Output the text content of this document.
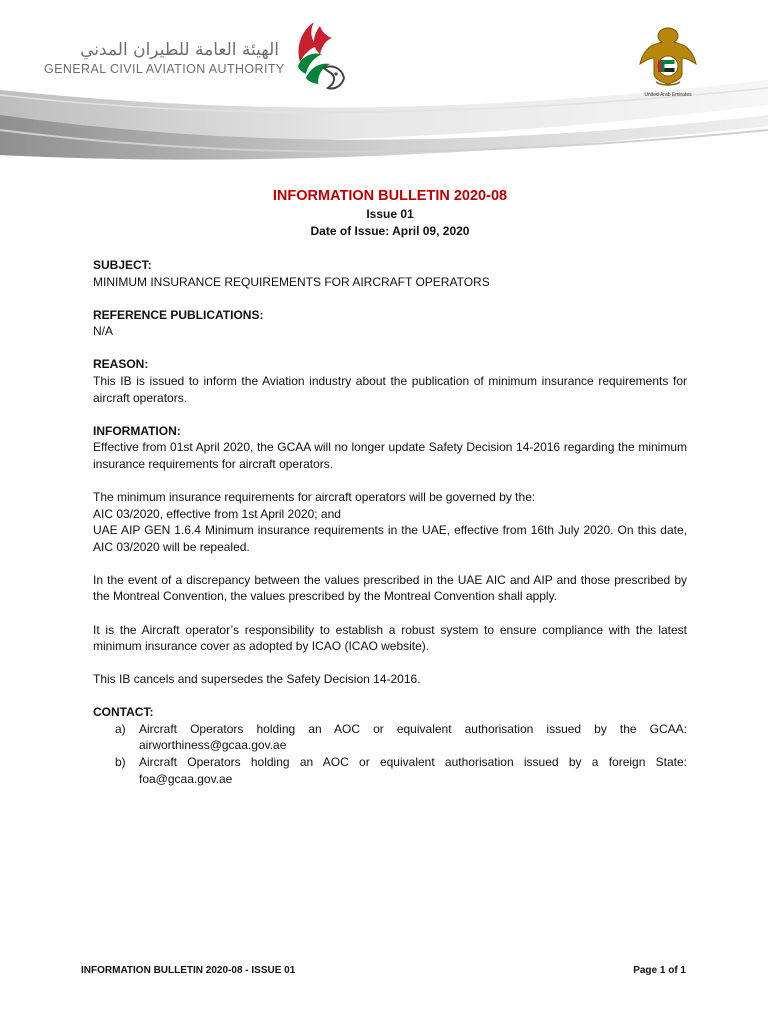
الهيئة العامة للطيران المدني
GENERAL CIVIL AVIATION AUTHORITY
United Arab Emirates
INFORMATION BULLETIN 2020-08
Issue 01
Date of Issue: April 09, 2020
SUBJECT:
MINIMUM INSURANCE REQUIREMENTS FOR AIRCRAFT OPERATORS
REFERENCE PUBLICATIONS:
N/A
REASON:
This IB is issued to inform the Aviation industry about the publication of minimum insurance requirements for aircraft operators.
INFORMATION:
Effective from 01st April 2020, the GCAA will no longer update Safety Decision 14-2016 regarding the minimum insurance requirements for aircraft operators.
The minimum insurance requirements for aircraft operators will be governed by the:
AIC 03/2020, effective from 1st April 2020; and
UAE AIP GEN 1.6.4 Minimum insurance requirements in the UAE, effective from 16th July 2020. On this date, AIC 03/2020 will be repealed.
In the event of a discrepancy between the values prescribed in the UAE AIC and AIP and those prescribed by the Montreal Convention, the values prescribed by the Montreal Convention shall apply.
It is the Aircraft operator’s responsibility to establish a robust system to ensure compliance with the latest minimum insurance cover as adopted by ICAO (ICAO website).
This IB cancels and supersedes the Safety Decision 14-2016.
CONTACT:
a) Aircraft Operators holding an AOC or equivalent authorisation issued by the GCAA: airworthiness@gcaa.gov.ae
b) Aircraft Operators holding an AOC or equivalent authorisation issued by a foreign State: foa@gcaa.gov.ae
INFORMATION BULLETIN 2020-08 - ISSUE 01	Page 1 of 1
